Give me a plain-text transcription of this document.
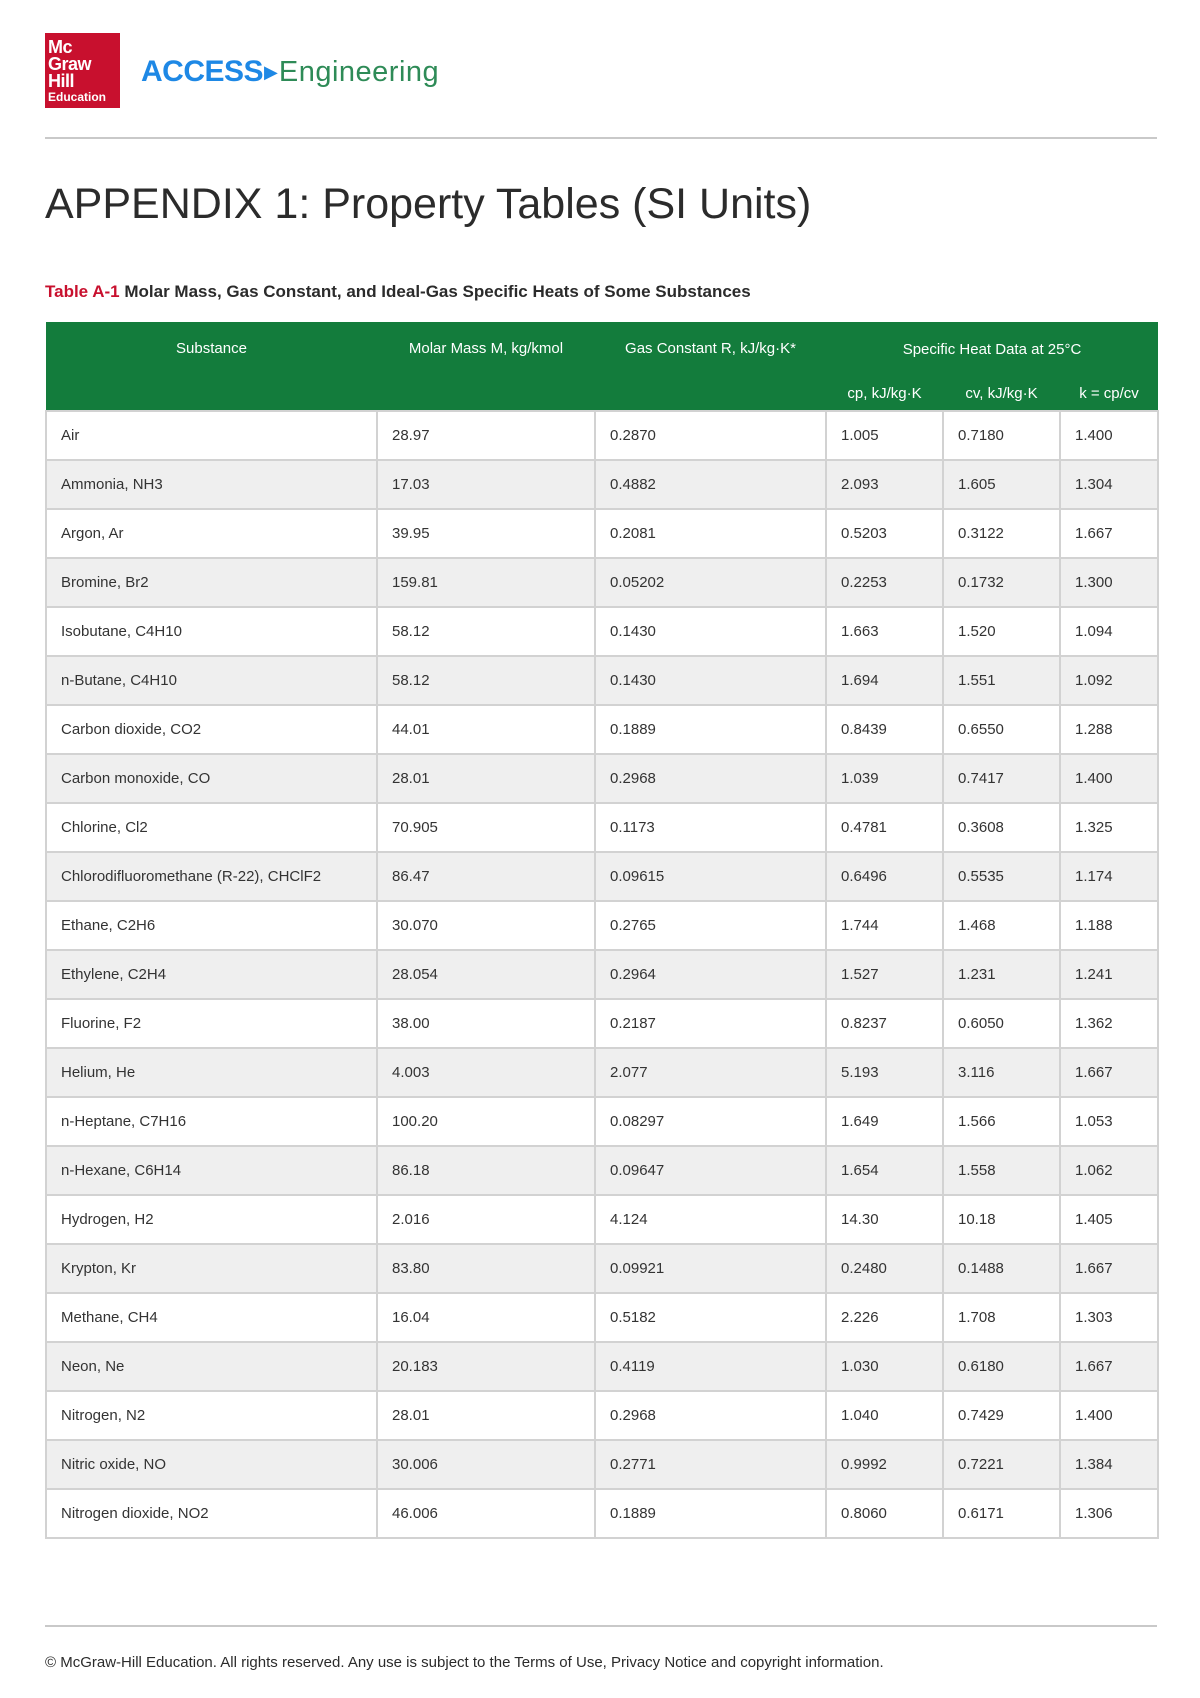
Mc
Graw
Hill
Education
ACCESS ▶ Engineering
APPENDIX 1: Property Tables (SI Units)

Table A-1 Molar Mass, Gas Constant, and Ideal-Gas Specific Heats of Some Substances

Substance	Molar Mass M, kg/kmol	Gas Constant R, kJ/kg·K*	Specific Heat Data at 25°C		
			cp, kJ/kg·K	cv, kJ/kg·K	k = cp/cv
Air	28.97	0.2870	1.005	0.7180	1.400
Ammonia, NH3	17.03	0.4882	2.093	1.605	1.304
Argon, Ar	39.95	0.2081	0.5203	0.3122	1.667
Bromine, Br2	159.81	0.05202	0.2253	0.1732	1.300
Isobutane, C4H10	58.12	0.1430	1.663	1.520	1.094
n-Butane, C4H10	58.12	0.1430	1.694	1.551	1.092
Carbon dioxide, CO2	44.01	0.1889	0.8439	0.6550	1.288
Carbon monoxide, CO	28.01	0.2968	1.039	0.7417	1.400
Chlorine, Cl2	70.905	0.1173	0.4781	0.3608	1.325
Chlorodifluoromethane (R-22), CHClF2	86.47	0.09615	0.6496	0.5535	1.174
Ethane, C2H6	30.070	0.2765	1.744	1.468	1.188
Ethylene, C2H4	28.054	0.2964	1.527	1.231	1.241
Fluorine, F2	38.00	0.2187	0.8237	0.6050	1.362
Helium, He	4.003	2.077	5.193	3.116	1.667
n-Heptane, C7H16	100.20	0.08297	1.649	1.566	1.053
n-Hexane, C6H14	86.18	0.09647	1.654	1.558	1.062
Hydrogen, H2	2.016	4.124	14.30	10.18	1.405
Krypton, Kr	83.80	0.09921	0.2480	0.1488	1.667
Methane, CH4	16.04	0.5182	2.226	1.708	1.303
Neon, Ne	20.183	0.4119	1.030	0.6180	1.667
Nitrogen, N2	28.01	0.2968	1.040	0.7429	1.400
Nitric oxide, NO	30.006	0.2771	0.9992	0.7221	1.384
Nitrogen dioxide, NO2	46.006	0.1889	0.8060	0.6171	1.306
© McGraw-Hill Education. All rights reserved. Any use is subject to the Terms of Use, Privacy Notice and copyright information.
